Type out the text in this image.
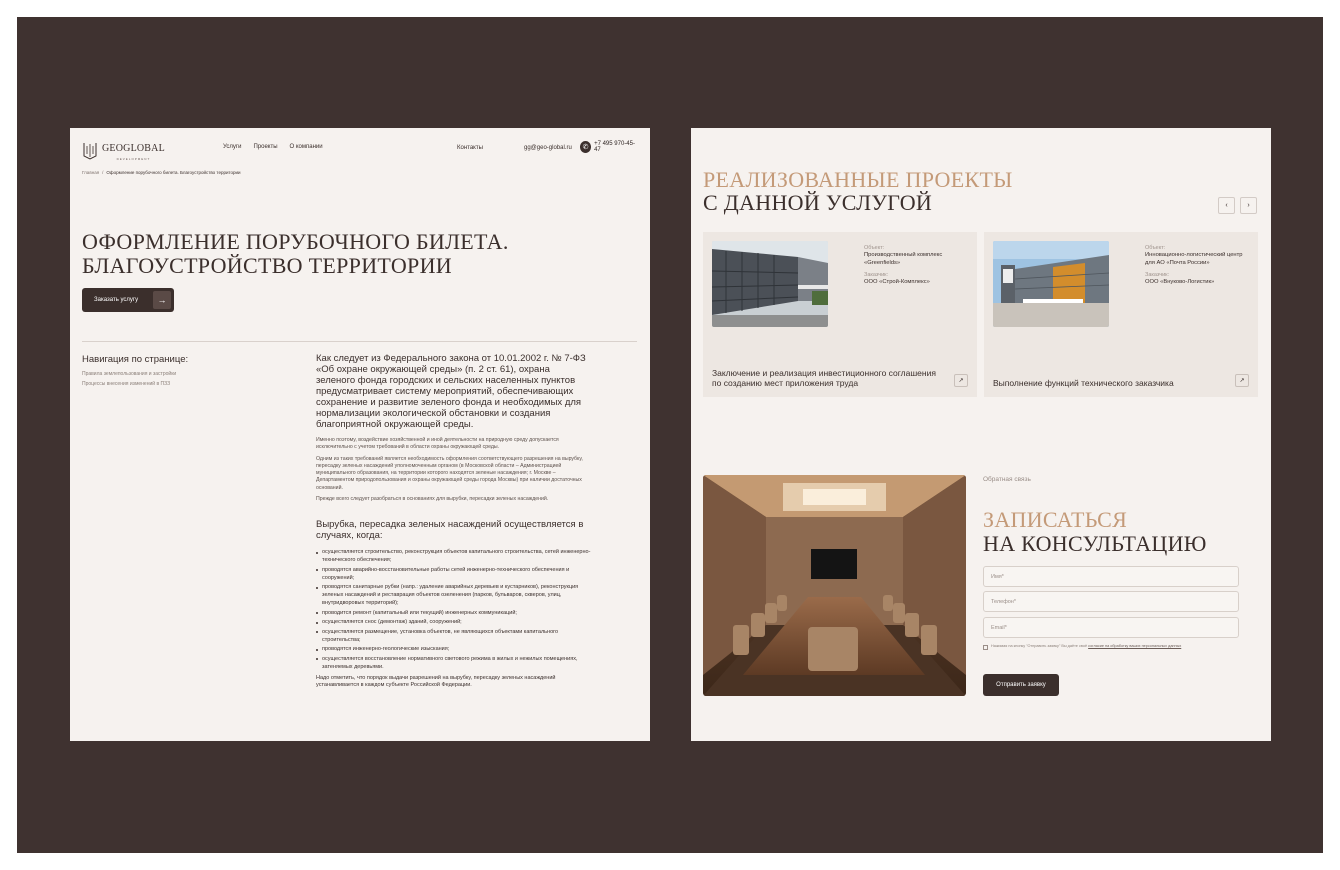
GEOGLOBAL
DEVELOPMENT
Услуги Проекты О компании	Контакты	gg@geo-global.ru	✆ +7 495 970-45-47
Главная / Оформление порубочного билета. Благоустройство территории
ОФОРМЛЕНИЕ ПОРУБОЧНОГО БИЛЕТА.
БЛАГОУСТРОЙСТВО ТЕРРИТОРИИ
Заказать услугу	→
Навигация по странице:
Правила землепользования и застройки
Процессы внесения изменений в ПЗЗ
Как следует из Федерального закона от 10.01.2002 г. № 7-ФЗ «Об охране окружающей среды» (п. 2 ст. 61), охрана зеленого фонда городских и сельских населенных пунктов предусматривает систему мероприятий, обеспечивающих сохранение и развитие зеленого фонда и необходимых для нормализации экологической обстановки и создания благоприятной окружающей среды.
Именно поэтому, воздействие хозяйственной и иной деятельности на природную среду допускается исключительно с учетом требований в области охраны окружающей среды.
Одним из таких требований является необходимость оформления соответствующего разрешения на вырубку, пересадку зеленых насаждений уполномоченным органом (в Московской области – Администрацией муниципального образования, на территории которого находятся зеленые насаждения; г. Москве – Департаментом природопользования и охраны окружающей среды города Москвы) при наличии достаточных оснований.
Прежде всего следует разобраться в основаниях для вырубки, пересадки зеленых насаждений.
Вырубка, пересадка зеленых насаждений осуществляется в случаях, когда:
осуществляется строительство, реконструкция объектов капитального строительства, сетей инженерно-технического обеспечения;
проводятся аварийно-восстановительные работы сетей инженерно-технического обеспечения и сооружений;
проводятся санитарные рубки (напр.: удаление аварийных деревьев и кустарников), реконструкция зеленых насаждений и реставрация объектов озеленения (парков, бульваров, скверов, улиц, внутридворовых территорий);
проводится ремонт (капитальный или текущий) инженерных коммуникаций;
осуществляется снос (демонтаж) зданий, сооружений;
осуществляется размещение, установка объектов, не являющихся объектами капитального строительства;
проводятся инженерно-геологические изыскания;
осуществляется восстановление нормативного светового режима в жилых и нежилых помещениях, затеняемых деревьями.
Надо отметить, что порядок выдачи разрешений на вырубку, пересадку зеленых насаждений устанавливается в каждом субъекте Российской Федерации.
РЕАЛИЗОВАННЫЕ ПРОЕКТЫ
С ДАННОЙ УСЛУГОЙ	‹	›
Объект:
Производственный комплекс «Greenfields»
Заказчик:
ООО «Строй-Комплекс»
Заключение и реализация инвестиционного соглашения по созданию мест приложения труда	↗
Объект:
Инновационно-логистический центр для АО «Почта России»
Заказчик:
ООО «Внуково-Логистик»
Выполнение функций технического заказчика	↗
Обратная связь
ЗАПИСАТЬСЯ
НА КОНСУЛЬТАЦИЮ
Имя*
Телефон*
Email*
Нажимая на кнопку "Отправить заявку" Вы даёте своё согласие на обработку ваших персональных данных
Отправить заявку
